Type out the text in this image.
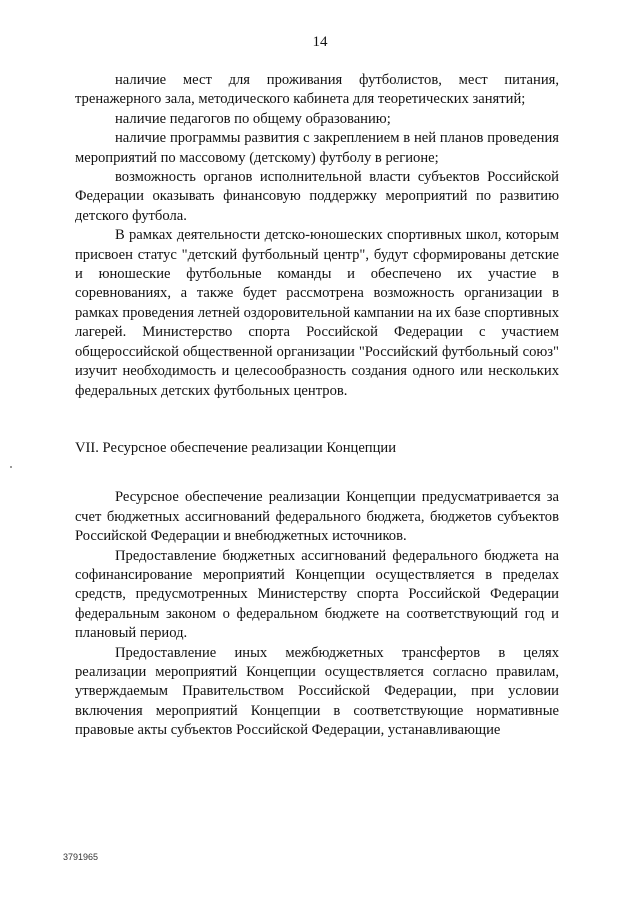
14

наличие мест для проживания футболистов, мест питания, тренажерного зала, методического кабинета для теоретических занятий;

наличие педагогов по общему образованию;

наличие программы развития с закреплением в ней планов проведения мероприятий по массовому (детскому) футболу в регионе;

возможность органов исполнительной власти субъектов Российской Федерации оказывать финансовую поддержку мероприятий по развитию детского футбола.

В рамках деятельности детско-юношеских спортивных школ, которым присвоен статус "детский футбольный центр", будут сформированы детские и юношеские футбольные команды и обеспечено их участие в соревнованиях, а также будет рассмотрена возможность организации в рамках проведения летней оздоровительной кампании на их базе спортивных лагерей. Министерство спорта Российской Федерации с участием общероссийской общественной организации "Российский футбольный союз" изучит необходимость и целесообразность создания одного или нескольких федеральных детских футбольных центров.

VII. Ресурсное обеспечение реализации Концепции

Ресурсное обеспечение реализации Концепции предусматривается за счет бюджетных ассигнований федерального бюджета, бюджетов субъектов Российской Федерации и внебюджетных источников.

Предоставление бюджетных ассигнований федерального бюджета на софинансирование мероприятий Концепции осуществляется в пределах средств, предусмотренных Министерству спорта Российской Федерации федеральным законом о федеральном бюджете на соответствующий год и плановый период.

Предоставление иных межбюджетных трансфертов в целях реализации мероприятий Концепции осуществляется согласно правилам, утверждаемым Правительством Российской Федерации, при условии включения мероприятий Концепции в соответствующие нормативные правовые акты субъектов Российской Федерации, устанавливающие

3791965
